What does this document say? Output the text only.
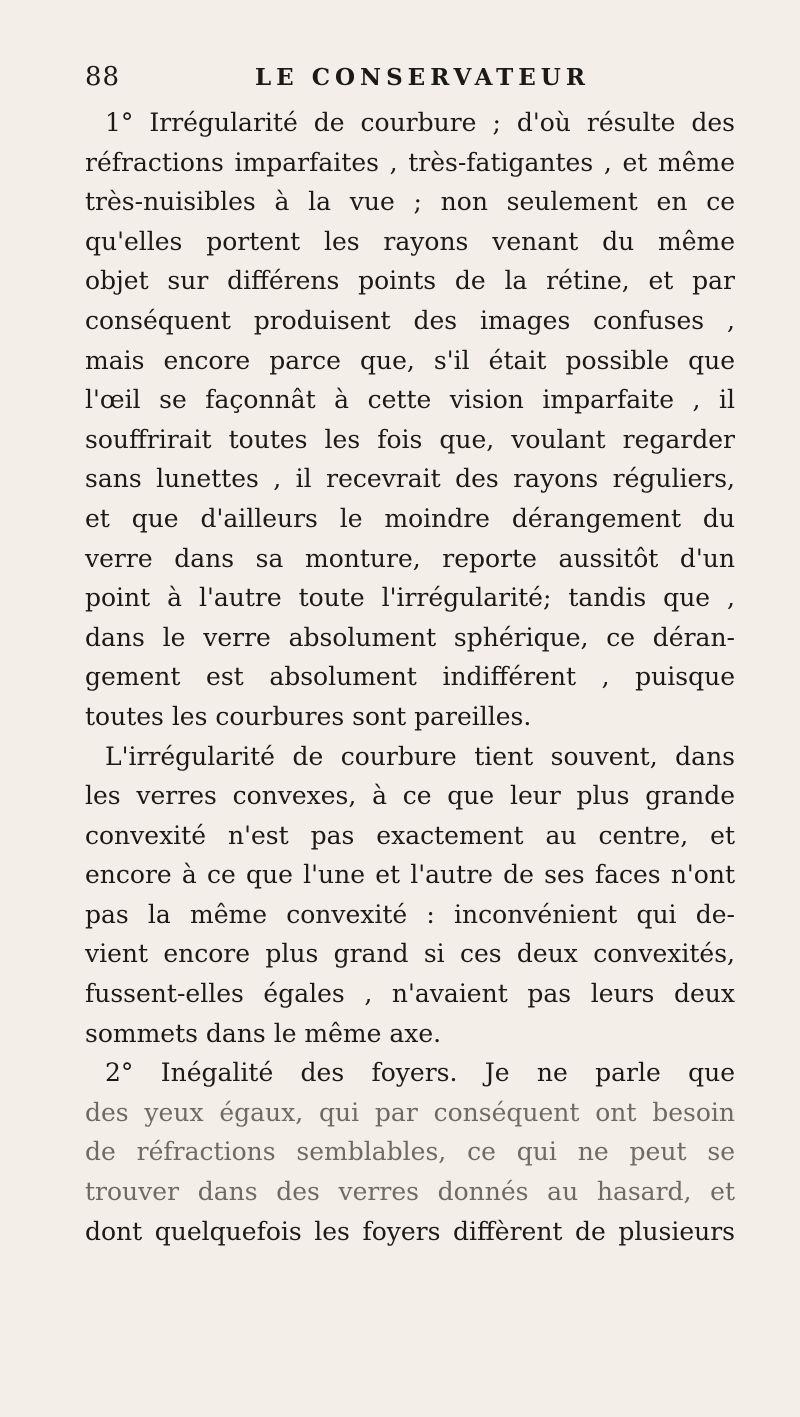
88	LE CONSERVATEUR
1° Irrégularité de courbure ; d'où résulte des
réfractions imparfaites , très-fatigantes , et même
très-nuisibles à la vue ; non seulement en ce
qu'elles portent les rayons venant du même
objet sur différens points de la rétine, et par
conséquent produisent des images confuses ,
mais encore parce que, s'il était possible que
l'œil se façonnât à cette vision imparfaite , il
souffrirait toutes les fois que, voulant regarder
sans lunettes , il recevrait des rayons réguliers,
et que d'ailleurs le moindre dérangement du
verre dans sa monture, reporte aussitôt d'un
point à l'autre toute l'irrégularité; tandis que ,
dans le verre absolument sphérique, ce déran-
gement est absolument indifférent , puisque
toutes les courbures sont pareilles.
L'irrégularité de courbure tient souvent, dans
les verres convexes, à ce que leur plus grande
convexité n'est pas exactement au centre, et
encore à ce que l'une et l'autre de ses faces n'ont
pas la même convexité : inconvénient qui de-
vient encore plus grand si ces deux convexités,
fussent-elles égales , n'avaient pas leurs deux
sommets dans le même axe.
2° Inégalité des foyers. Je ne parle que
des yeux égaux, qui par conséquent ont besoin
de réfractions semblables, ce qui ne peut se
trouver dans des verres donnés au hasard, et
dont quelquefois les foyers diffèrent de plusieurs
